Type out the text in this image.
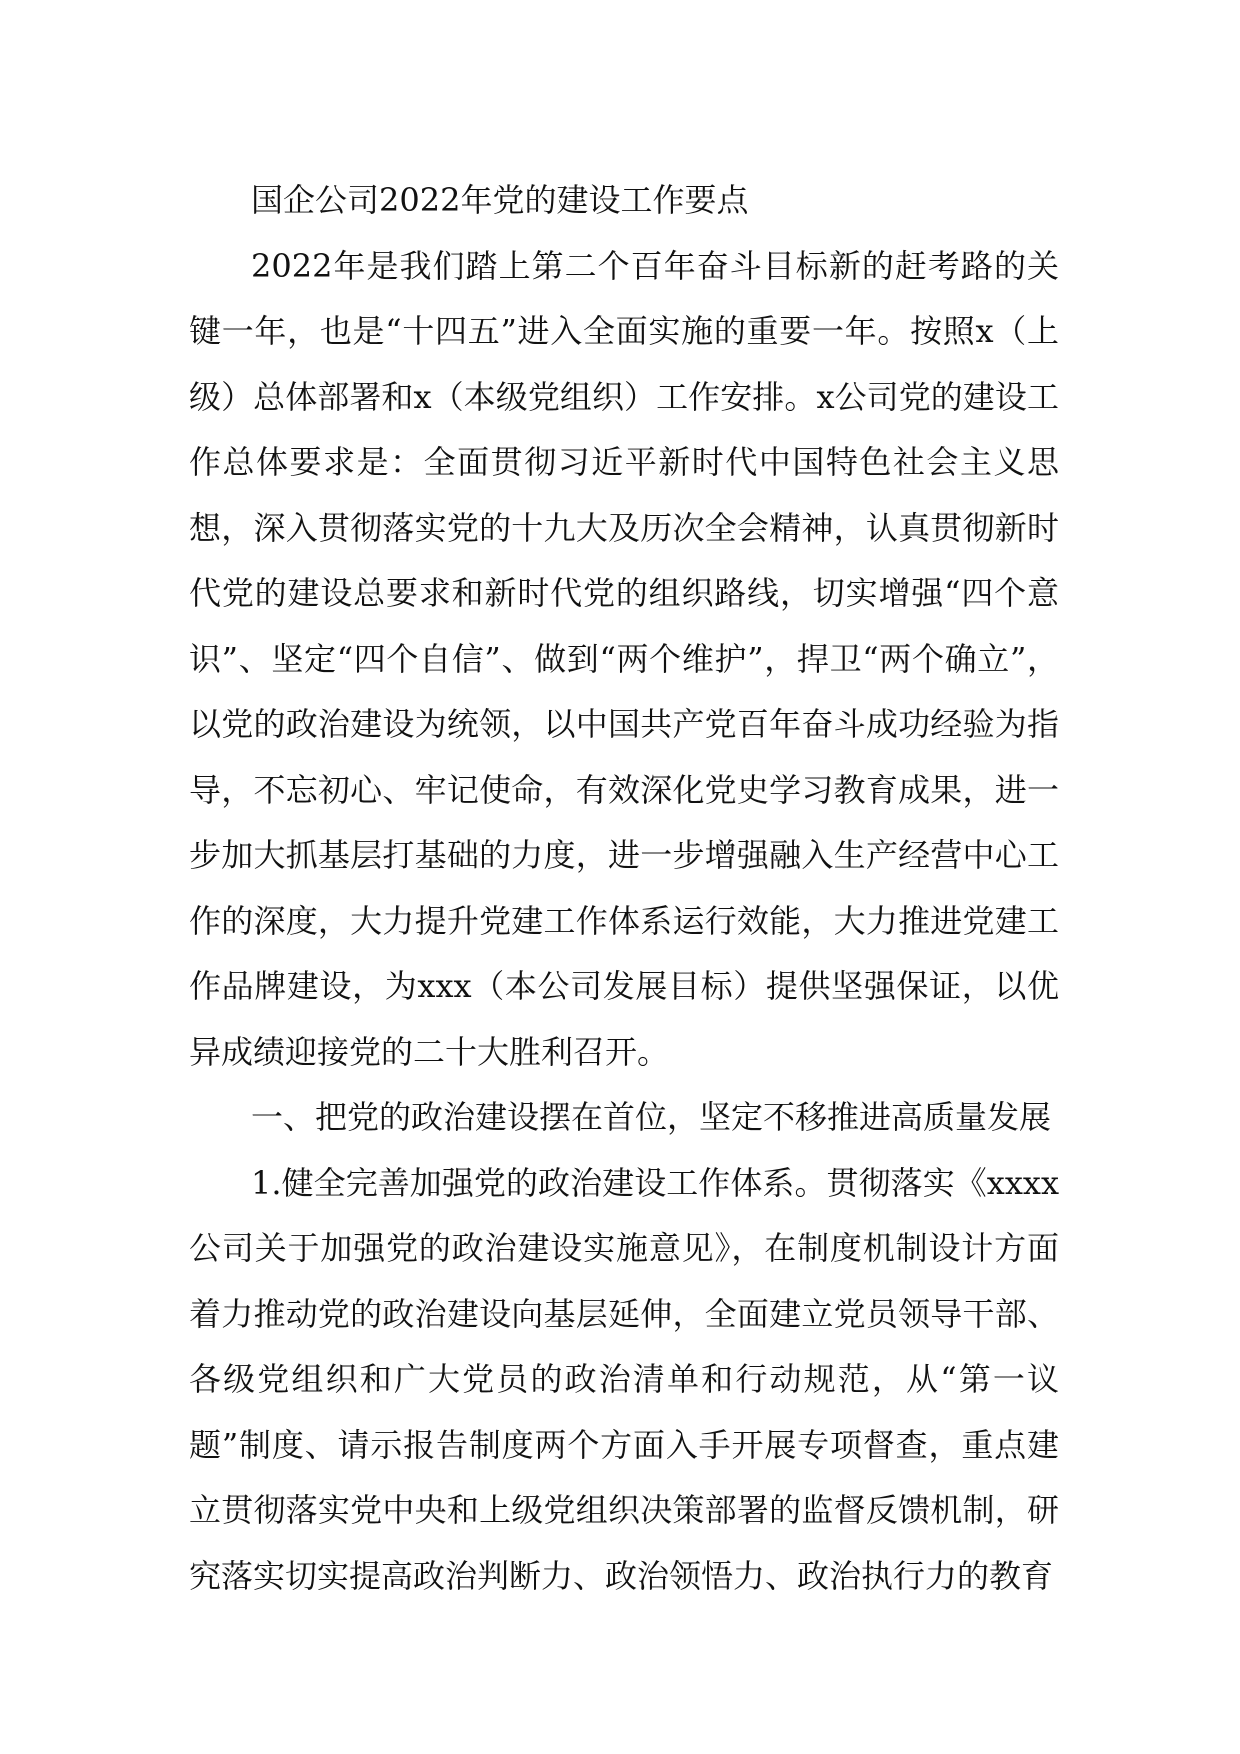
国企公司2022年党的建设工作要点

2022年是我们踏上第二个百年奋斗目标新的赶考路的关键一年，也是“十四五”进入全面实施的重要一年。按照x（上级）总体部署和x（本级党组织）工作安排。x公司党的建设工作总体要求是：全面贯彻习近平新时代中国特色社会主义思想，深入贯彻落实党的十九大及历次全会精神，认真贯彻新时代党的建设总要求和新时代党的组织路线，切实增强“四个意识”、坚定“四个自信”、做到“两个维护”，捍卫“两个确立”，以党的政治建设为统领，以中国共产党百年奋斗成功经验为指导，不忘初心、牢记使命，有效深化党史学习教育成果，进一步加大抓基层打基础的力度，进一步增强融入生产经营中心工作的深度，大力提升党建工作体系运行效能，大力推进党建工作品牌建设，为xxx（本公司发展目标）提供坚强保证，以优异成绩迎接党的二十大胜利召开。

一、把党的政治建设摆在首位，坚定不移推进高质量发展

1.健全完善加强党的政治建设工作体系。贯彻落实《xxxx公司关于加强党的政治建设实施意见》，在制度机制设计方面着力推动党的政治建设向基层延伸，全面建立党员领导干部、各级党组织和广大党员的政治清单和行动规范，从“第一议题”制度、请示报告制度两个方面入手开展专项督查，重点建立贯彻落实党中央和上级党组织决策部署的监督反馈机制，研究落实切实提高政治判断力、政治领悟力、政治执行力的教育
